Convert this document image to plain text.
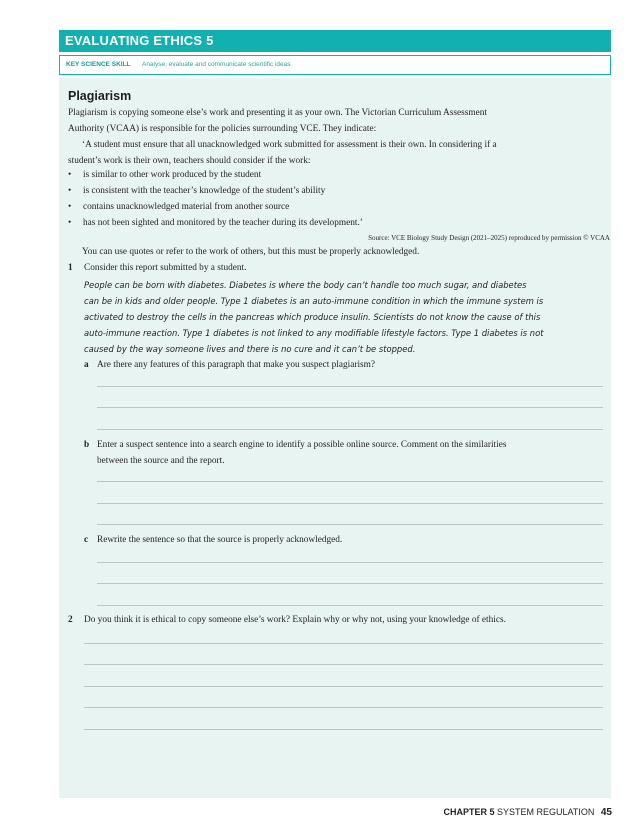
EVALUATING ETHICS 5
KEY SCIENCE SKILL Analyse, evaluate and communicate scientific ideas
Plagiarism
Plagiarism is copying someone else’s work and presenting it as your own. The Victorian Curriculum Assessment
Authority (VCAA) is responsible for the policies surrounding VCE. They indicate:
‘A student must ensure that all unacknowledged work submitted for assessment is their own. In considering if a
student’s work is their own, teachers should consider if the work:
• is similar to other work produced by the student
• is consistent with the teacher’s knowledge of the student’s ability
• contains unacknowledged material from another source
• has not been sighted and monitored by the teacher during its development.’
Source: VCE Biology Study Design (2021–2025) reproduced by permission © VCAA
You can use quotes or refer to the work of others, but this must be properly acknowledged.
1 Consider this report submitted by a student.
People can be born with diabetes. Diabetes is where the body can’t handle too much sugar, and diabetes
can be in kids and older people. Type 1 diabetes is an auto-immune condition in which the immune system is
activated to destroy the cells in the pancreas which produce insulin. Scientists do not know the cause of this
auto-immune reaction. Type 1 diabetes is not linked to any modifiable lifestyle factors. Type 1 diabetes is not
caused by the way someone lives and there is no cure and it can’t be stopped.
a Are there any features of this paragraph that make you suspect plagiarism?
b Enter a suspect sentence into a search engine to identify a possible online source. Comment on the similarities
between the source and the report.
c Rewrite the sentence so that the source is properly acknowledged.
2 Do you think it is ethical to copy someone else’s work? Explain why or why not, using your knowledge of ethics.
CHAPTER 5 SYSTEM REGULATION 45
